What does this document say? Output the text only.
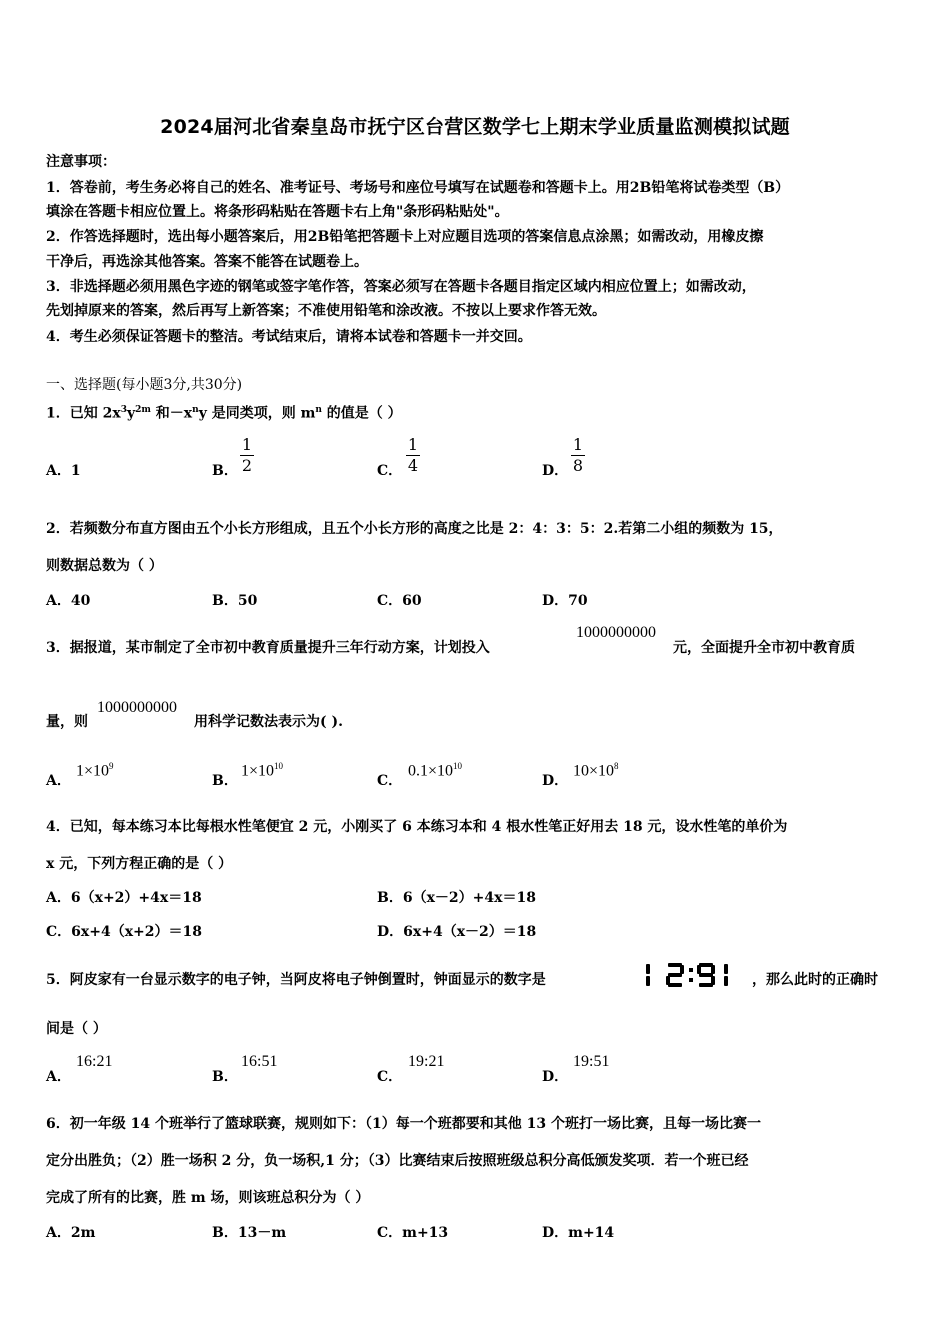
2024届河北省秦皇岛市抚宁区台营区数学七上期末学业质量监测模拟试题
注意事项：
1．答卷前，考生务必将自己的姓名、准考证号、考场号和座位号填写在试题卷和答题卡上。用2B铅笔将试卷类型（B）
填涂在答题卡相应位置上。将条形码粘贴在答题卡右上角"条形码粘贴处"。
2．作答选择题时，选出每小题答案后，用2B铅笔把答题卡上对应题目选项的答案信息点涂黑；如需改动，用橡皮擦
干净后，再选涂其他答案。答案不能答在试题卷上。
3．非选择题必须用黑色字迹的钢笔或签字笔作答，答案必须写在答题卡各题目指定区域内相应位置上；如需改动，
先划掉原来的答案，然后再写上新答案；不准使用铅笔和涂改液。不按以上要求作答无效。
4．考生必须保证答题卡的整洁。考试结束后，请将本试卷和答题卡一并交回。
一、选择题(每小题3分,共30分)
1．已知 $2x^3y^{2m}$ 和$-x^ny$ 是同类项，则 $m^n$ 的值是（ ）
A．1	B．
1
2	C．
1
4	D．
1
8
2．若频数分布直方图由五个小长方形组成，且五个小长方形的高度之比是 2：4：3：5：2.若第二小组的频数为 15，
则数据总数为（ ）
A．40	B．50	C．60	D．70
3．据报道，某市制定了全市初中教育质量提升三年行动方案，计划投入
1000000000
元，全面提升全市初中教育质
量，则
1000000000
用科学记数法表示为( ).
A．
$1\times 10^9$
B．
$1\times 10^{10}$
C．
$0.1\times 10^{10}$
D．
$10\times 10^8$
4．已知，每本练习本比每根水性笔便宜 2 元，小刚买了 6 本练习本和 4 根水性笔正好用去 18 元，设水性笔的单价为
x 元，下列方程正确的是（ ）
A．6（x+2）+4x＝18	B．6（x－2）+4x＝18
C．6x+4（x+2）＝18	D．6x+4（x－2）＝18
5．阿皮家有一台显示数字的电子钟，当阿皮将电子钟倒置时，钟面显示的数字是	，那么此时的正确时
间是（ ）
A．
16:21
B．
16:51
C．
19:21
D．
19:51
6．初一年级 14 个班举行了篮球联赛，规则如下：（1）每一个班都要和其他 13 个班打一场比赛，且每一场比赛一
定分出胜负；（2）胜一场积 2 分，负一场积,1 分；（3）比赛结束后按照班级总积分高低颁发奖项．若一个班已经
完成了所有的比赛，胜 m 场，则该班总积分为（ ）
A．2m	B．13－m	C．m+13	D．m+14
